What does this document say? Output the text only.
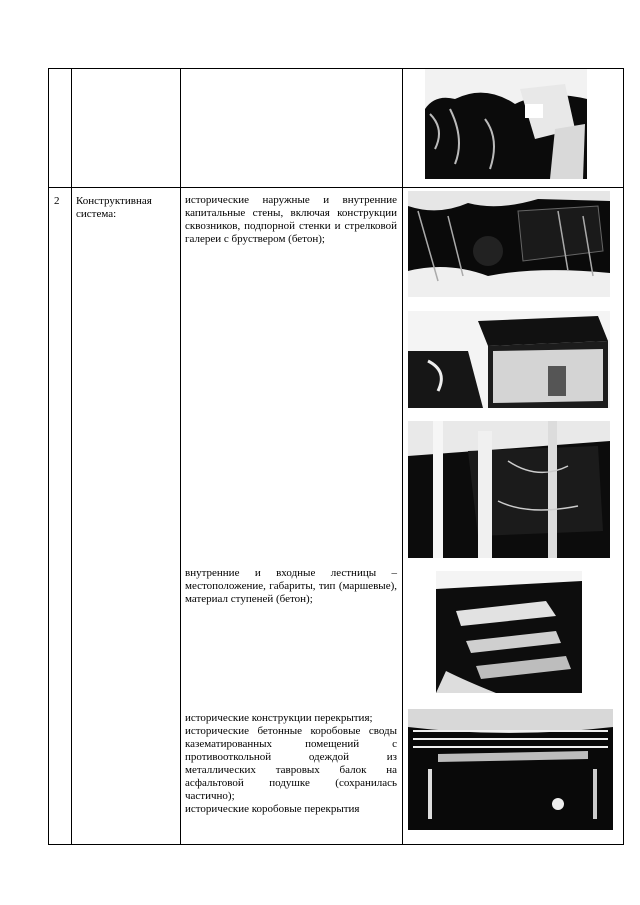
2 Конструктивная система:

исторические наружные и внутренние капитальные стены, включая конструкции сквозников, подпорной стенки и стрелковой галереи с бруствером (бетон);

внутренние и входные лестницы – местоположение, габариты, тип (маршевые), материал ступеней (бетон);

исторические конструкции перекрытия;

исторические бетонные коробовые своды казематированных помещений с противооткольной одеждой из металлических тавровых балок на асфальтовой подушке (сохранилась частично);

исторические коробовые перекрытия
